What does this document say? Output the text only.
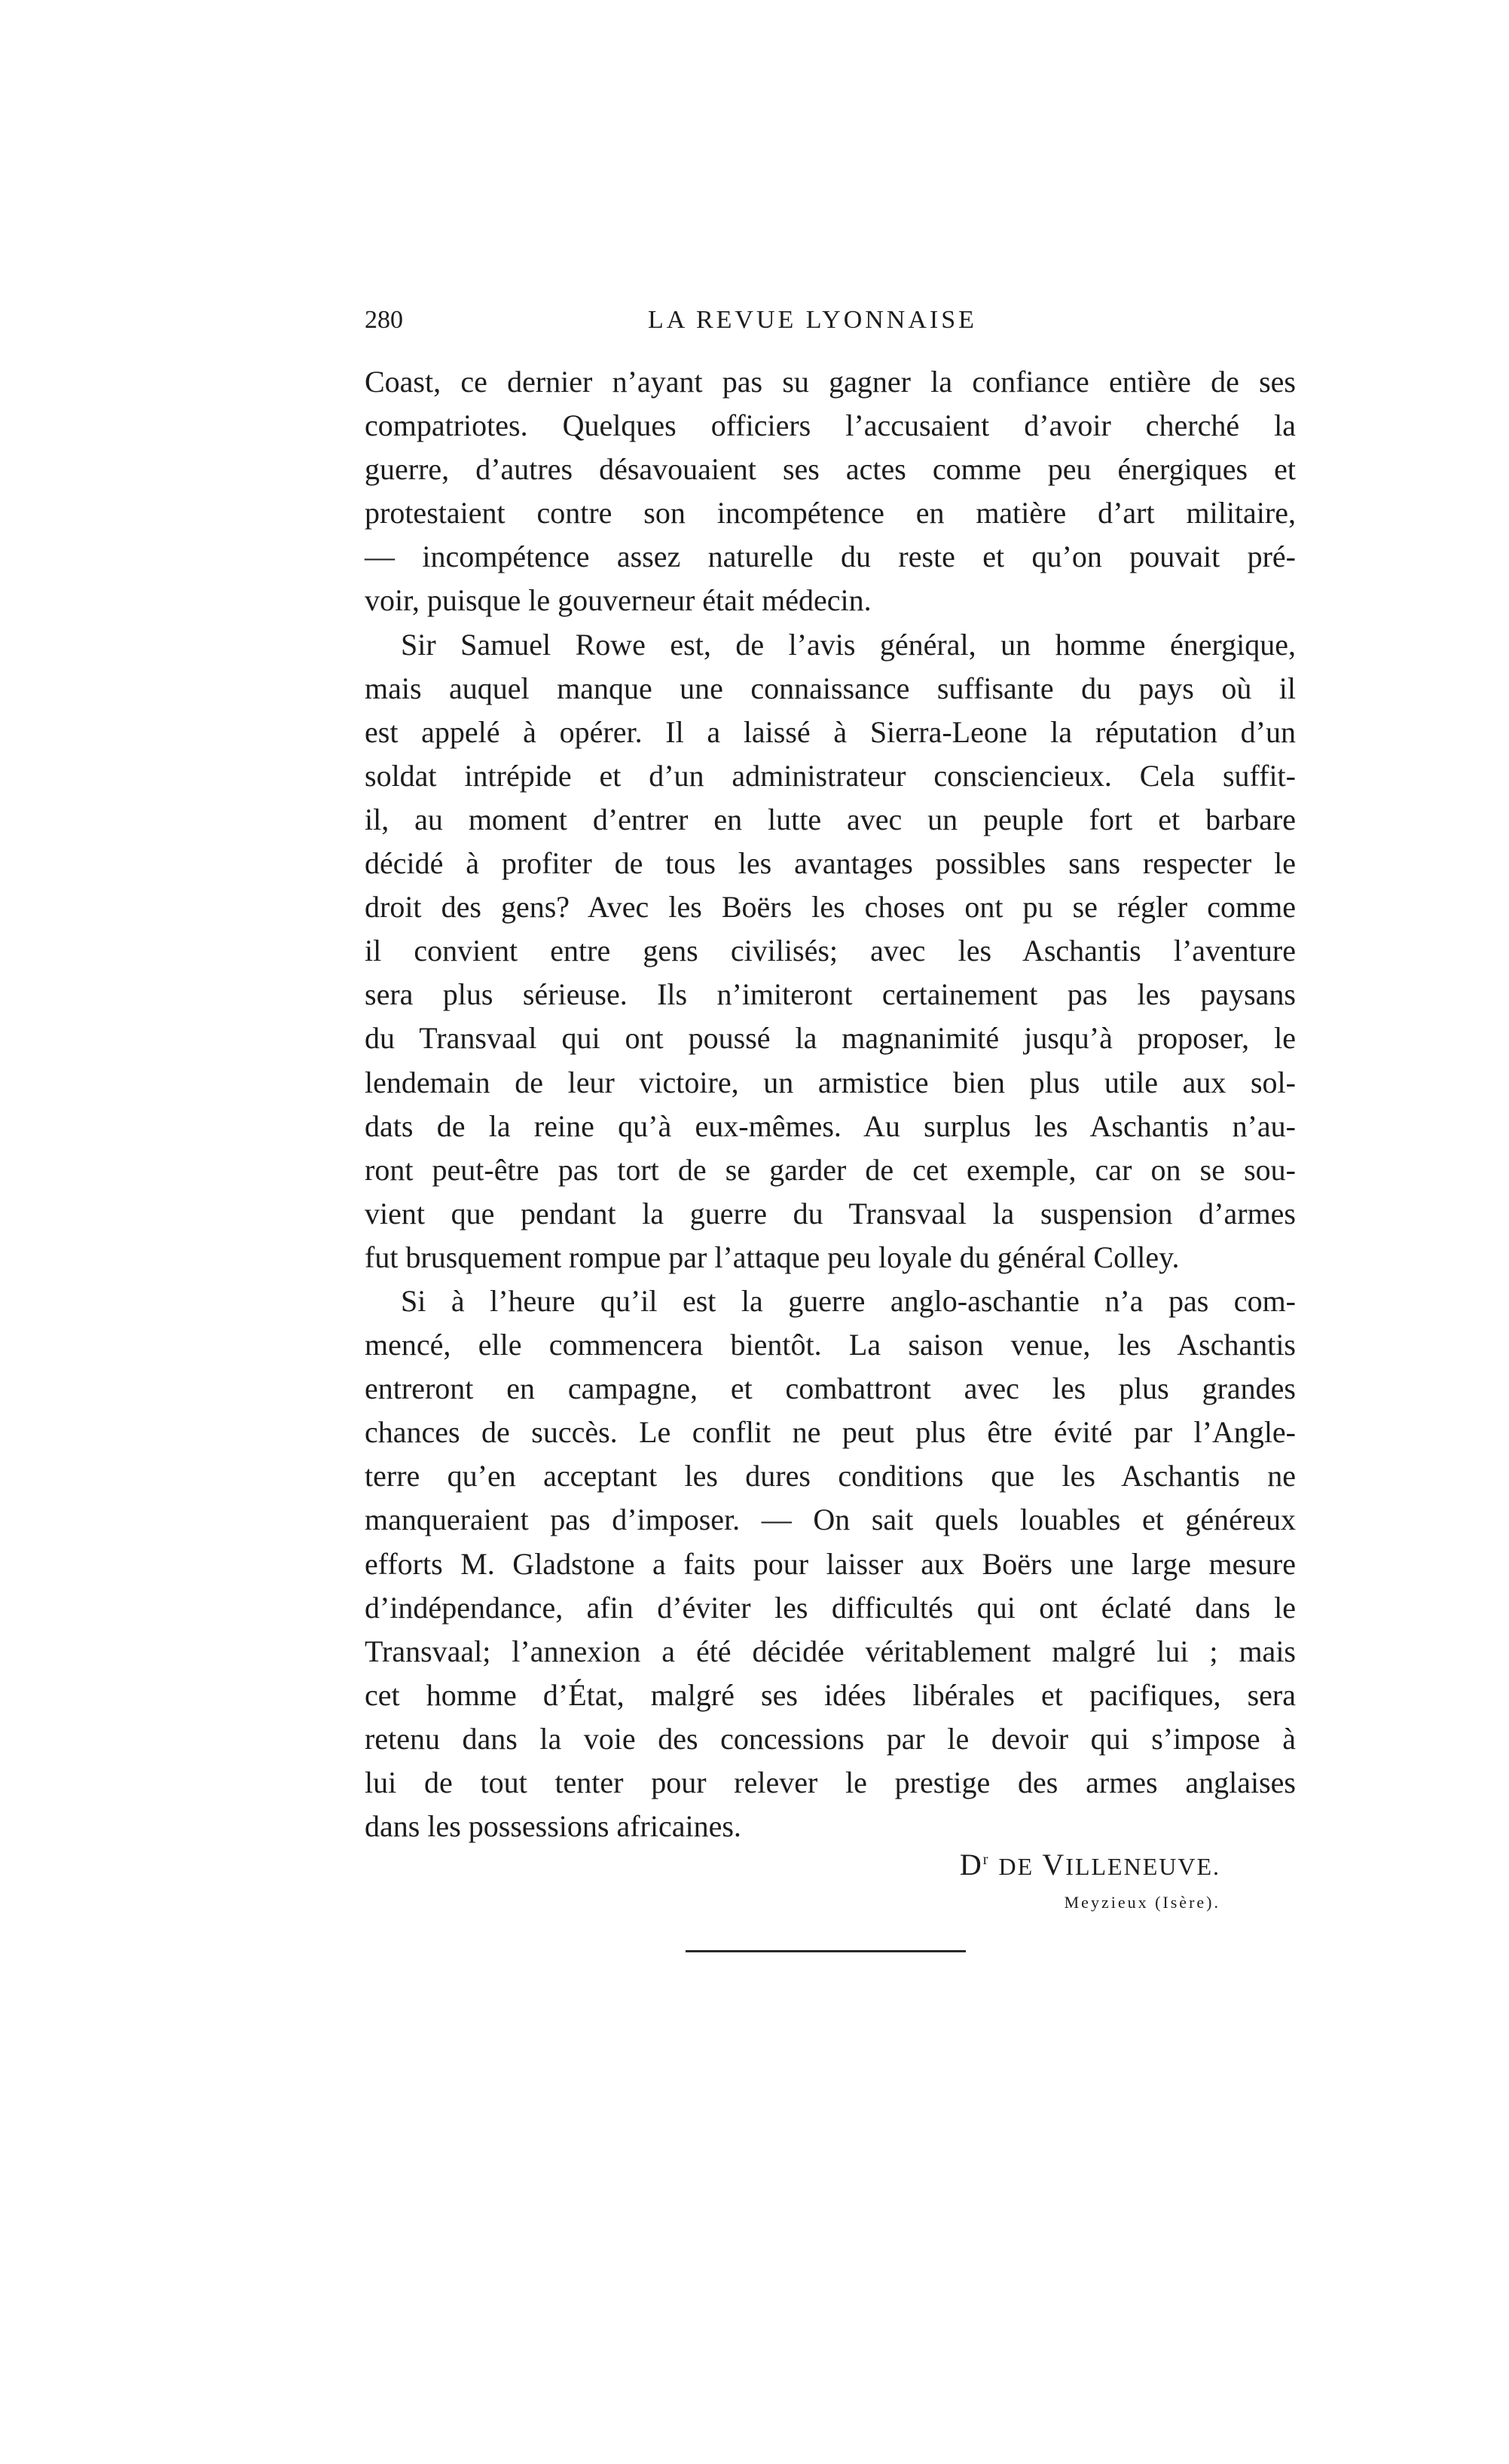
280	LA REVUE LYONNAISE
Coast, ce dernier n’ayant pas su gagner la confiance entière de ses
compatriotes. Quelques officiers l’accusaient d’avoir cherché la
guerre, d’autres désavouaient ses actes comme peu énergiques et
protestaient contre son incompétence en matière d’art militaire,
— incompétence assez naturelle du reste et qu’on pouvait pré-
voir, puisque le gouverneur était médecin.
Sir Samuel Rowe est, de l’avis général, un homme énergique,
mais auquel manque une connaissance suffisante du pays où il
est appelé à opérer. Il a laissé à Sierra-Leone la réputation d’un
soldat intrépide et d’un administrateur consciencieux. Cela suffit-
il, au moment d’entrer en lutte avec un peuple fort et barbare
décidé à profiter de tous les avantages possibles sans respecter le
droit des gens? Avec les Boërs les choses ont pu se régler comme
il convient entre gens civilisés; avec les Aschantis l’aventure
sera plus sérieuse. Ils n’imiteront certainement pas les paysans
du Transvaal qui ont poussé la magnanimité jusqu’à proposer, le
lendemain de leur victoire, un armistice bien plus utile aux sol-
dats de la reine qu’à eux-mêmes. Au surplus les Aschantis n’au-
ront peut-être pas tort de se garder de cet exemple, car on se sou-
vient que pendant la guerre du Transvaal la suspension d’armes
fut brusquement rompue par l’attaque peu loyale du général Colley.
Si à l’heure qu’il est la guerre anglo-aschantie n’a pas com-
mencé, elle commencera bientôt. La saison venue, les Aschantis
entreront en campagne, et combattront avec les plus grandes
chances de succès. Le conflit ne peut plus être évité par l’Angle-
terre qu’en acceptant les dures conditions que les Aschantis ne
manqueraient pas d’imposer. — On sait quels louables et généreux
efforts M. Gladstone a faits pour laisser aux Boërs une large mesure
d’indépendance, afin d’éviter les difficultés qui ont éclaté dans le
Transvaal; l’annexion a été décidée véritablement malgré lui ; mais
cet homme d’État, malgré ses idées libérales et pacifiques, sera
retenu dans la voie des concessions par le devoir qui s’impose à
lui de tout tenter pour relever le prestige des armes anglaises
dans les possessions africaines.
$D^r$ DE VILLENEUVE.
Meyzieux (Isère).
